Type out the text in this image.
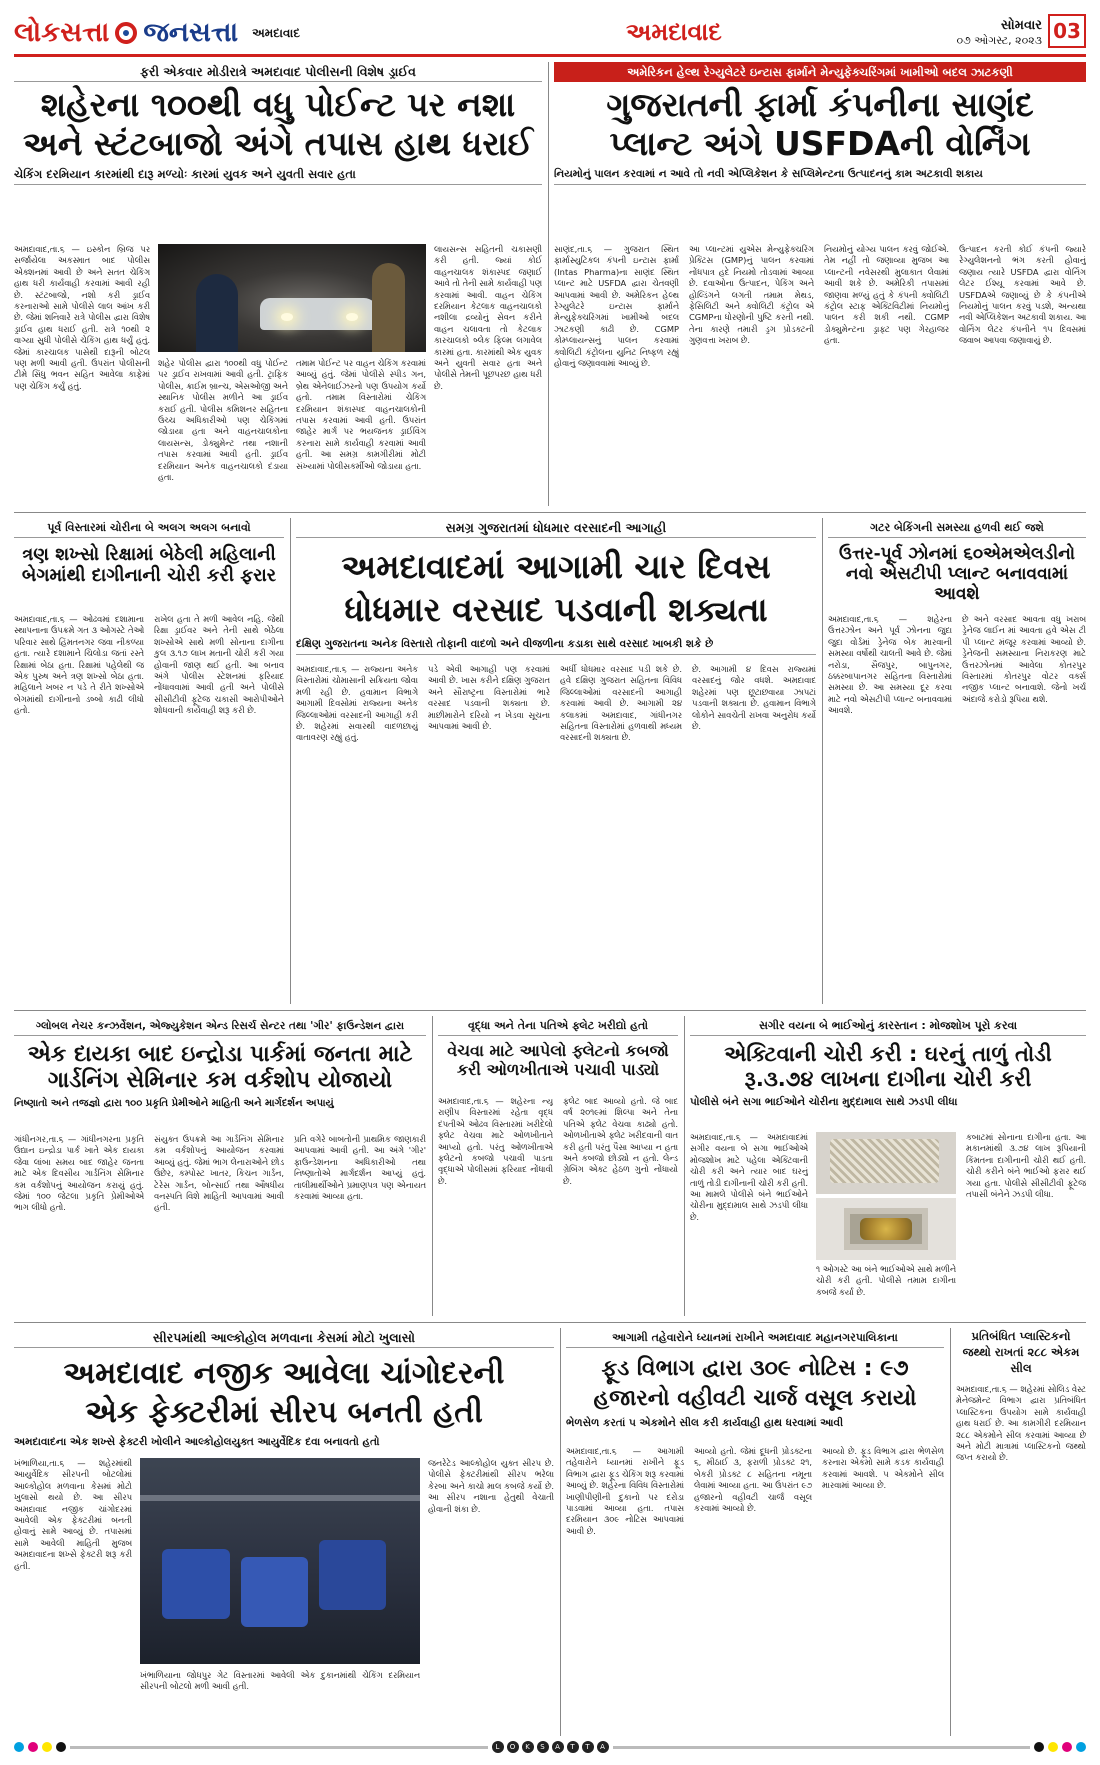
લોકસત્તા જનસત્તા અમદાવાદ	અમદાવાદ	સોમવાર
૦૭ ઓગસ્ટ, ૨૦૨૩ 03
ફરી એકવાર મોડીરાત્રે અમદાવાદ પોલીસની વિશેષ ડ્રાઈવ
શહેરના ૧૦૦થી વધુ પોઈન્ટ પર નશા
અને સ્ટંટબાજો અંગે તપાસ હાથ ધરાઈ
ચેકિંગ દરમિયાન કારમાંથી દારૂ મળ્યોઃ કારમાં યુવક અને યુવતી સવાર હતા

અમદાવાદ,તા.૬ — ઇસ્કોન બ્રિજ પર સર્જાયેલા અકસ્માત બાદ પોલીસ એક્શનમાં આવી છે અને સતત ચેકિંગ હાથ ધરી કાર્યવાહી કરવામાં આવી રહી છે. સ્ટંટબાજો, નશો કરી ડ્રાઈવ કરનારાઓ સામે પોલીસે લાલ આંખ કરી છે. જેમાં શનિવારે રાત્રે પોલીસ દ્વારા વિશેષ ડ્રાઈવ હાથ ધરાઈ હતી. રાત્રે ૧૦થી ૨ વાગ્યા સુધી પોલીસે ચેકિંગ હાથ ધર્યું હતું. જેમાં કારચાલક પાસેથી દારૂની બોટલ પણ મળી આવી હતી. ઉપરાંત પોલીસની ટીમે સિંધુ ભવન સહિત આવેલા કાફેમાં પણ ચેકિંગ કર્યું હતું.

શહેર પોલીસ દ્વારા ૧૦૦થી વધુ પોઈન્ટ પર ડ્રાઈવ રાખવામાં આવી હતી. ટ્રાફિક પોલીસ, ક્રાઈમ બ્રાન્ચ, એસઓજી અને સ્થાનિક પોલીસ મળીને આ ડ્રાઈવ કરાઈ હતી. પોલીસ કમિશનર સહિતના ઉચ્ચ અધિકારીઓ પણ ચેકિંગમાં જોડાયા હતા અને વાહનચાલકોના લાયસન્સ, ડોક્યુમેન્ટ તથા નશાની તપાસ કરવામાં આવી હતી. ડ્રાઈવ દરમિયાન અનેક વાહનચાલકો દંડાયા હતા.

તમામ પોઈન્ટ પર વાહન ચેકિંગ કરવામાં આવ્યું હતું. જેમાં પોલીસે સ્પીડ ગન, બ્રેથ એનેલાઈઝરનો પણ ઉપયોગ કર્યો હતો. તમામ વિસ્તારોમાં ચેકિંગ દરમિયાન શંકાસ્પદ વાહનચાલકોની તપાસ કરવામાં આવી હતી. ઉપરાંત જાહેર માર્ગ પર ભયજનક ડ્રાઈવિંગ કરનારા સામે કાર્યવાહી કરવામાં આવી હતી. આ સમગ્ર કામગીરીમાં મોટી સંખ્યામાં પોલીસકર્મીઓ જોડાયા હતા.

લાયસન્સ સહિતની ચકાસણી કરી હતી. જ્યાં કોઈ વાહનચાલક શંકાસ્પદ જણાઈ આવે તો તેની સામે કાર્યવાહી પણ કરવામાં આવી. વાહન ચેકિંગ દરમિયાન કેટલાક વાહનચાલકો નશીલા દ્રવ્યોનું સેવન કરીને વાહન ચલાવતા તો કેટલાક કારચાલકો બ્લેક ફિલ્મ લગાવેલ કારમાં હતા. કારમાંથી એક યુવક અને યુવતી સવાર હતા અને પોલીસે તેમની પૂછપરછ હાથ ધરી છે.

અમેરિકન હેલ્થ રેગ્યુલેટરે ઇન્ટાસ ફાર્માને મેન્યુફેક્ચરિંગમાં ખામીઓ બદલ ઝાટકણી
ગુજરાતની ફાર્મા કંપનીના સાણંદ
પ્લાન્ટ અંગે USFDAની વોર્નિંગ
નિયમોનું પાલન કરવામાં ન આવે તો નવી એપ્લિકેશન કે સપ્લિમેન્ટના ઉત્પાદનનું કામ અટકાવી શકાય

સાણંદ,તા.૬ — ગુજરાત સ્થિત ફાર્માસ્યુટિકલ કંપની ઇન્ટાસ ફાર્મા (Intas Pharma)ના સાણંદ સ્થિત પ્લાન્ટ માટે USFDA દ્વારા ચેતવણી આપવામાં આવી છે. અમેરિકન હેલ્થ રેગ્યુલેટરે ઇન્ટાસ ફાર્માને મેન્યુફેક્ચરિંગમાં ખામીઓ બદલ ઝાટકણી કાઢી છે. CGMP કોમ્પ્લાયન્સનું પાલન કરવામાં ક્વોલિટી કંટ્રોલના યુનિટ નિષ્ફળ રહ્યું હોવાનું જણાવવામાં આવ્યું છે.

આ પ્લાન્ટમાં યુએસ મેન્યુફેક્ચરિંગ પ્રેક્ટિસ (GMP)નું પાલન કરવામાં નોંધપાત્ર હદે નિયમો તોડવામાં આવ્યા છે. દવાઓના ઉત્પાદન, પેકિંગ અને હોલ્ડિંગને લગતી તમામ મેથડ, ફેસિલિટી અને ક્વોલિટી કંટ્રોલ એ CGMPના ધોરણોની પુષ્ટિ કરતી નથી. તેના કારણે તમારી ડ્રગ પ્રોડક્ટની ગુણવત્તા ખરાબ છે.

નિયમોનું યોગ્ય પાલન કરવું જોઈએ. તેમ નહીં તો જણાવ્યા મુજબ આ પ્લાન્ટની નવેસરથી મુલાકાત લેવામાં આવી શકે છે. અમેરિકી તપાસમાં જાણવા મળ્યું હતું કે કંપની ક્વોલિટી કંટ્રોલ સ્ટાફ એક્ટિવિટીમાં નિયમોનું પાલન કરી શકી નથી. CGMP ડોક્યુમેન્ટના ડ્રાફ્ટ પણ ગેરહાજર હતા.

ઉત્પાદન કરતી કોઈ કંપની જ્યારે રેગ્યુલેશનનો ભંગ કરતી હોવાનું જણાય ત્યારે USFDA દ્વારા વોર્નિંગ લેટર ઈશ્યૂ કરવામાં આવે છે. USFDAએ જણાવ્યું છે કે કંપનીએ નિયમોનું પાલન કરવું પડશે, અન્યથા નવી એપ્લિકેશન અટકાવી શકાય. આ વોર્નિંગ લેટર કંપનીને ૧૫ દિવસમાં જવાબ આપવા જણાવાયું છે.

પૂર્વ વિસ્તારમાં ચોરીના બે અલગ અલગ બનાવો
ત્રણ શખ્સો રિક્ષામાં બેઠેલી મહિલાની બેગમાંથી દાગીનાની ચોરી કરી ફરાર

અમદાવાદ,તા.૬ — ઓઢવમાં દશામાના સ્થાપનાના ઉપક્રમે ગત ૩ ઓગસ્ટે તેઓ પરિવાર સાથે હિંમતનગર જવા નીકળ્યા હતા. ત્યારે દશામાને ચિલોડા જતાં રસ્તે રિક્ષામાં બેઠા હતા. રિક્ષામાં પહેલેથી જ એક પુરુષ અને ત્રણ શખ્સો બેઠા હતા. મહિલાને ખબર ન પડે તે રીતે શખ્સોએ બેગમાંથી દાગીનાનો ડબ્બો કાઢી લીધો હતો.

રાખેલ હતા તે મળી આવેલ નહિ. જેથી રિક્ષા ડ્રાઈવર અને તેની સાથે બેઠેલા શખ્સોએ સાથે મળી સોનાના દાગીના કુલ ૩.૧૭ લાખ મતાની ચોરી કરી ગયા હોવાની જાણ થઈ હતી. આ બનાવ અંગે પોલીસ સ્ટેશનમાં ફરિયાદ નોંધાવવામાં આવી હતી અને પોલીસે સીસીટીવી ફૂટેજ ચકાસી આરોપીઓને શોધવાની કાર્યવાહી શરૂ કરી છે.

સમગ્ર ગુજરાતમાં ધોધમાર વરસાદની આગાહી
અમદાવાદમાં આગામી ચાર દિવસ
ધોધમાર વરસાદ પડવાની શક્યતા
દક્ષિણ ગુજરાતના અનેક વિસ્તારો તોફાની વાદળો અને વીજળીના કડાકા સાથે વરસાદ ખાબકી શકે છે

અમદાવાદ,તા.૬ — રાજ્યના અનેક વિસ્તારોમાં ચોમાસાની સક્રિયતા જોવા મળી રહી છે. હવામાન વિભાગે આગામી દિવસોમાં રાજ્યના અનેક જિલ્લાઓમાં વરસાદની આગાહી કરી છે. શહેરમાં સવારથી વાદળછાયું વાતાવરણ રહ્યું હતું.

પડે એવી આગાહી પણ કરવામાં આવી છે. ખાસ કરીને દક્ષિણ ગુજરાત અને સૌરાષ્ટ્રના વિસ્તારોમાં ભારે વરસાદ પડવાની શક્યતા છે. માછીમારોને દરિયો ન ખેડવા સૂચના આપવામાં આવી છે.

અર્ધી ધોધમાર વરસાદ પડી શકે છે. હવે દક્ષિણ ગુજરાત સહિતના વિવિધ જિલ્લાઓમાં વરસાદની આગાહી કરવામાં આવી છે. આગામી ૨૪ કલાકમાં અમદાવાદ, ગાંધીનગર સહિતના વિસ્તારોમાં હળવાથી મધ્યમ વરસાદની શક્યતા છે.

છે. આગામી ૪ દિવસ રાજ્યમાં વરસાદનું જોર વધશે. અમદાવાદ શહેરમાં પણ છૂટાછવાયા ઝાપટાં પડવાની શક્યતા છે. હવામાન વિભાગે લોકોને સાવચેતી રાખવા અનુરોધ કર્યો છે.

ગટર બેકિંગની સમસ્યા હળવી થઈ જશે
ઉત્તર-પૂર્વ ઝોનમાં ૬૦એમએલડીનો નવો એસટીપી પ્લાન્ટ બનાવવામાં આવશે

અમદાવાદ,તા.૬ — શહેરના ઉત્તરઝોન અને પૂર્વ ઝોનના જુદા જુદા વોર્ડમાં ડ્રેનેજ બેક મારવાની સમસ્યા વર્ષોથી ચાલતી આવે છે. જેમાં નરોડા, સૈજપુર, બાપુનગર, ઠક્કરબાપાનગર સહિતના વિસ્તારોમાં સમસ્યા છે. આ સમસ્યા દૂર કરવા માટે નવો એસટીપી પ્લાન્ટ બનાવવામાં આવશે.

છે અને વરસાદ આવતા વધુ ખરાબ ડ્રેનેજ લાઈન માં આવતા હવે એસ ટી પી પ્લાન્ટ મંજૂર કરવામાં આવ્યો છે. ડ્રેનેજની સમસ્યાના નિરાકરણ માટે ઉત્તરઝોનમાં આવેલા કોતરપુર વિસ્તારમાં કોતરપુર વોટર વર્ક્સ નજીક પ્લાન્ટ બનાવાશે. જેનો ખર્ચ અંદાજે કરોડો રૂપિયા થશે.

ગ્લોબલ નેચર કન્ઝર્વેશન, એજ્યુકેશન એન્ડ રિસર્ચ સેન્ટર તથા 'ગીર' ફાઉન્ડેશન દ્વારા
એક દાયકા બાદ ઇન્દ્રોડા પાર્કમાં જનતા માટે ગાર્ડનિંગ સેમિનાર કમ વર્કશોપ યોજાયો
નિષ્ણાતો અને તજજ્ઞો દ્વારા ૧૦૦ પ્રકૃતિ પ્રેમીઓને માહિતી અને માર્ગદર્શન અપાયું

ગાંધીનગર,તા.૬ — ગાંધીનગરના પ્રકૃતિ ઉદ્યાન ઇન્દ્રોડા પાર્ક ખાતે એક દાયકા જેવા લાંબા સમય બાદ જાહેર જનતા માટે એક દિવસીય ગાર્ડનિંગ સેમિનાર કમ વર્કશોપનું આયોજન કરાયું હતું. જેમાં ૧૦૦ જેટલા પ્રકૃતિ પ્રેમીઓએ ભાગ લીધો હતો.

સંયુક્ત ઉપક્રમે આ ગાર્ડનિંગ સેમિનાર કમ વર્કશોપનું આયોજન કરવામાં આવ્યું હતું. જેમાં ભાગ લેનારાઓને છોડ ઉછેર, કમ્પોસ્ટ ખાતર, કિચન ગાર્ડન, ટેરેસ ગાર્ડન, બોન્સાઈ તથા ઔષધીય વનસ્પતિ વિશે માહિતી આપવામાં આવી હતી.

પ્રતિ વગેરે બાબતોની પ્રાથમિક જાણકારી આપવામાં આવી હતી. આ અંગે 'ગીર' ફાઉન્ડેશનના અધિકારીઓ તથા નિષ્ણાતોએ માર્ગદર્શન આપ્યું હતું. તાલીમાર્થીઓને પ્રમાણપત્ર પણ એનાયત કરવામાં આવ્યા હતા.

વૃદ્ધા અને તેના પતિએ ફ્લેટ ખરીદ્યો હતો
વેચવા માટે આપેલો ફ્લેટનો કબજો કરી ઓળખીતાએ પચાવી પાડ્યો

અમદાવાદ,તા.૬ — શહેરના ન્યૂ રાણીપ વિસ્તારમાં રહેતા વૃદ્ધ દંપતીએ ઓઢવ વિસ્તારમાં ખરીદેલો ફ્લેટ વેચવા માટે ઓળખીતાને આપ્યો હતો. પરંતુ ઓળખીતાએ ફ્લેટનો કબજો પચાવી પાડતા વૃદ્ધાએ પોલીસમાં ફરિયાદ નોંધાવી છે.

ફ્લેટ બાદ આવ્યો હતો. જે બાદ વર્ષ ૨૦૧૯માં શિલ્પા અને તેના પતિએ ફ્લેટ વેચવા કાઢ્યો હતો. ઓળખીતાએ ફ્લેટ ખરીદવાની વાત કરી હતી પરંતુ પૈસા આપ્યા ન હતા અને કબજો છોડ્યો ન હતો. લેન્ડ ગ્રેબિંગ એક્ટ હેઠળ ગુનો નોંધાયો છે.

સગીર વયના બે ભાઈઓનું કારસ્તાન : મોજશોખ પૂરો કરવા
એક્ટિવાની ચોરી કરી : ઘરનું તાળું તોડી રૂ.૩.૭૪ લાખના દાગીના ચોરી કરી
પોલીસે બંને સગા ભાઈઓને ચોરીના મુદ્દામાલ સાથે ઝડપી લીધા

અમદાવાદ,તા.૬ — અમદાવાદમાં સગીર વયના બે સગા ભાઈઓએ મોજશોખ માટે પહેલા એક્ટિવાની ચોરી કરી અને ત્યાર બાદ ઘરનું તાળું તોડી દાગીનાની ચોરી કરી હતી. આ મામલે પોલીસે બંને ભાઈઓને ચોરીના મુદ્દામાલ સાથે ઝડપી લીધા છે.

૧ ઓગસ્ટે આ બંને ભાઈઓએ સાથે મળીને ચોરી કરી હતી. પોલીસે તમામ દાગીના કબજે કર્યા છે.

કબાટમાં સોનાના દાગીના હતા. આ મકાનમાંથી ૩.૭૪ લાખ રૂપિયાની કિંમતના દાગીનાની ચોરી થઈ હતી. ચોરી કરીને બંને ભાઈઓ ફરાર થઈ ગયા હતા. પોલીસે સીસીટીવી ફૂટેજ તપાસી બંનેને ઝડપી લીધા.

સીરપમાંથી આલ્કોહોલ મળવાના કેસમાં મોટો ખુલાસો
અમદાવાદ નજીક આવેલા ચાંગોદરની
એક ફેક્ટરીમાં સીરપ બનતી હતી
અમદાવાદના એક શખ્સે ફેક્ટરી ખોલીને આલ્કોહોલયુક્ત આયુર્વેદિક દવા બનાવતો હતો

ખંભાળિયા,તા.૬ — શહેરમાંથી આયુર્વેદિક સીરપની બોટલોમાં આલ્કોહોલ મળવાના કેસમાં મોટો ખુલાસો થયો છે. આ સીરપ અમદાવાદ નજીક ચાંગોદરમાં આવેલી એક ફેક્ટરીમાં બનતી હોવાનું સામે આવ્યું છે. તપાસમાં સામે આવેલી માહિતી મુજબ અમદાવાદના શખ્સે ફેક્ટરી શરૂ કરી હતી.

ખંભાળિયાના જોધપુર ગેટ વિસ્તારમાં આવેલી એક દુકાનમાંથી ચેકિંગ દરમિયાન સીરપની બોટલો મળી આવી હતી.

જનરેટેડ આલ્કોહોલ યુક્ત સીરપ છે. પોલીસે ફેક્ટરીમાંથી સીરપ ભરેલા કેરબા અને કાચો માલ કબજે કર્યો છે. આ સીરપ નશાના હેતુથી વેચાતી હોવાની શંકા છે.

આગામી તહેવારોને ધ્યાનમાં રાખીને અમદાવાદ મહાનગરપાલિકાના
ફૂડ વિભાગ દ્વારા ૩૦૯ નોટિસ : ૯૭ હજારનો વહીવટી ચાર્જ વસૂલ કરાયો
ભેળસેળ કરતાં ૫ એકમોને સીલ કરી કાર્યવાહી હાથ ધરવામાં આવી

અમદાવાદ,તા.૬ — આગામી તહેવારોને ધ્યાનમાં રાખીને ફૂડ વિભાગ દ્વારા ફૂડ ચેકિંગ શરૂ કરવામાં આવ્યું છે. શહેરના વિવિધ વિસ્તારોમાં ખાણીપીણીની દુકાનો પર દરોડા પાડવામાં આવ્યા હતા. તપાસ દરમિયાન ૩૦૯ નોટિસ આપવામાં આવી છે.

આવ્યો હતો. જેમાં દૂધની પ્રોડક્ટના ૬, મીઠાઈ ૩, ફરાળી પ્રોડક્ટ ૨૧, બેકરી પ્રોડક્ટ ૮ સહિતના નમૂના લેવામાં આવ્યા હતા. આ ઉપરાંત ૯૭ હજારનો વહીવટી ચાર્જ વસૂલ કરવામાં આવ્યો છે.

આવ્યો છે. ફૂડ વિભાગ દ્વારા ભેળસેળ કરનારા એકમો સામે કડક કાર્યવાહી કરવામાં આવશે. ૫ એકમોને સીલ મારવામાં આવ્યા છે.

પ્રતિબંધિત પ્લાસ્ટિકનો જથ્થો રાખતાં ૨૮૮ એકમ સીલ

અમદાવાદ,તા.૬ — શહેરમાં સોલિડ વેસ્ટ મેનેજમેન્ટ વિભાગ દ્વારા પ્રતિબંધિત પ્લાસ્ટિકના ઉપયોગ સામે કાર્યવાહી હાથ ધરાઈ છે. આ કામગીરી દરમિયાન ૨૮૮ એકમોને સીલ કરવામાં આવ્યા છે અને મોટી માત્રામાં પ્લાસ્ટિકનો જથ્થો જપ્ત કરાયો છે.

L	O	K	S	A	T	T	A
